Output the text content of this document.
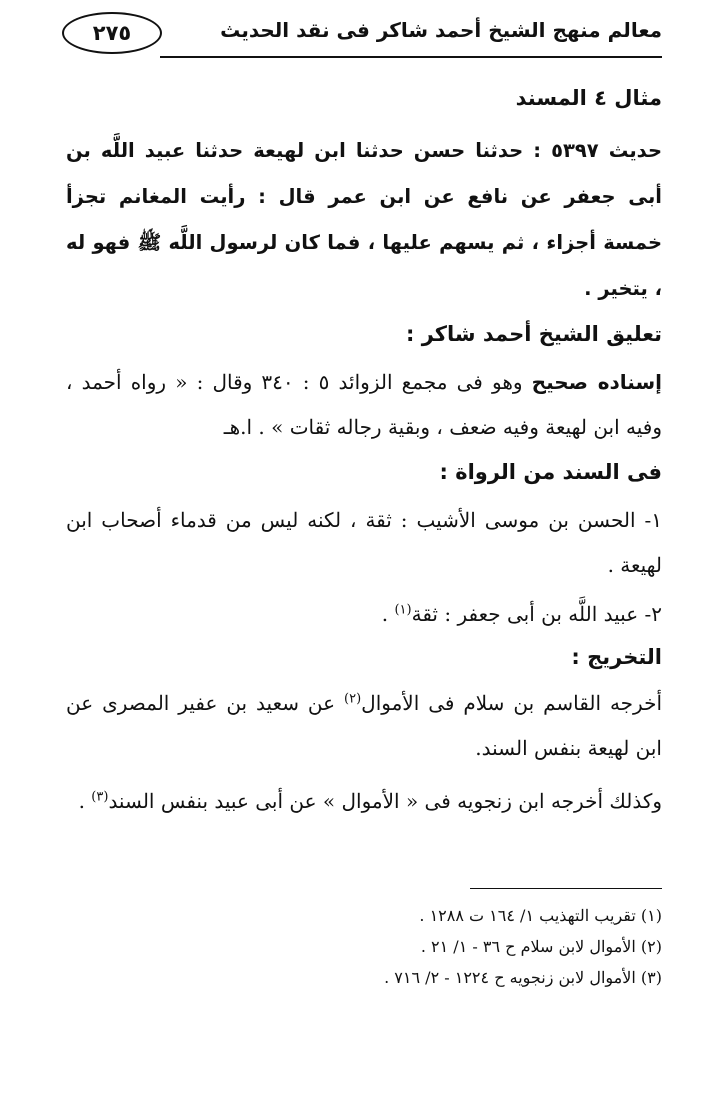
٢٧٥	معالم منهج الشيخ أحمد شاكر فى نقد الحديث

مثال ٤ المسند

حديث ٥٣٩٧ : حدثنا حسن حدثنا ابن لهيعة حدثنا عبيد اللَّه بن أبى جعفر عن نافع عن ابن عمر قال : رأيت المغانم تجزأ خمسة أجزاء ، ثم يسهم عليها ، فما كان لرسول اللَّه ﷺ فهو له ، يتخير .

تعليق الشيخ أحمد شاكر :

إسناده صحيح وهو فى مجمع الزوائد ٥ : ٣٤٠ وقال : « رواه أحمد ، وفيه ابن لهيعة وفيه ضعف ، وبقية رجاله ثقات » . ا.هـ

فى السند من الرواة :

١- الحسن بن موسى الأشيب : ثقة ، لكنه ليس من قدماء أصحاب ابن لهيعة .

٢- عبيد اللَّه بن أبى جعفر : ثقة$^{(١)}$ .

التخريج :

أخرجه القاسم بن سلام فى الأموال$^{(٢)}$ عن سعيد بن عفير المصرى عن ابن لهيعة بنفس السند.

وكذلك أخرجه ابن زنجويه فى « الأموال » عن أبى عبيد بنفس السند$^{(٣)}$ .

(١) تقريب التهذيب ١/ ١٦٤ ت ١٢٨٨ .

(٢) الأموال لابن سلام ح ٣٦ - ١/ ٢١ .

(٣) الأموال لابن زنجويه ح ١٢٢٤ - ٢/ ٧١٦ .
